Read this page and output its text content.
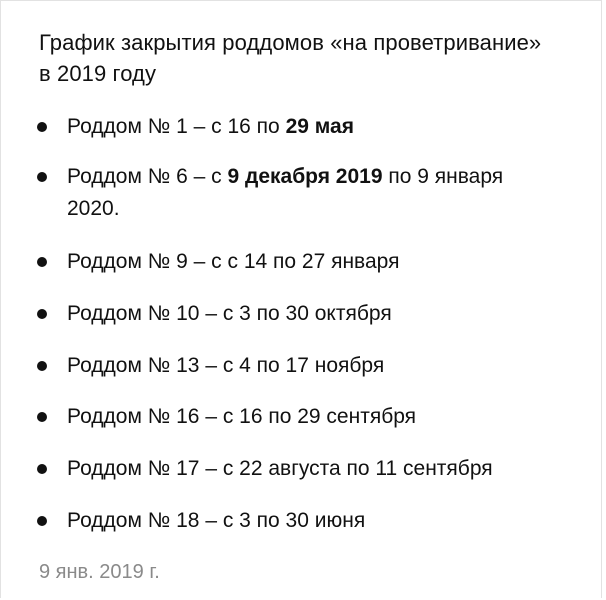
График закрытия роддомов «на проветривание» в 2019 году
Роддом № 1 – с 16 по 29 мая
Роддом № 6 – с 9 декабря 2019 по 9 января 2020.
Роддом № 9 – с с 14 по 27 января
Роддом № 10 – с 3 по 30 октября
Роддом № 13 – с 4 по 17 ноября
Роддом № 16 – с 16 по 29 сентября
Роддом № 17 – с 22 августа по 11 сентября
Роддом № 18 – с 3 по 30 июня
9 янв. 2019 г.
